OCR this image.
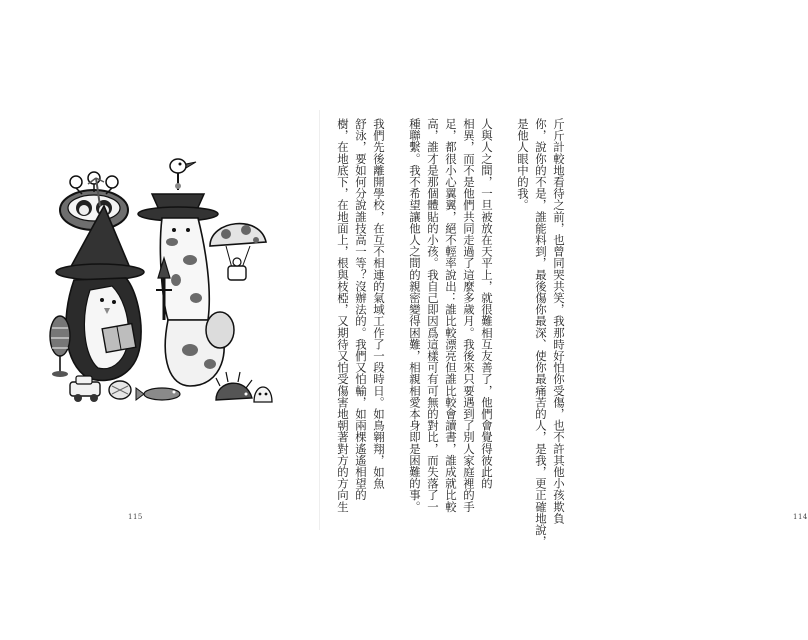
115	斤斤計較地看待之前，也曾同哭共笑，我那時好怕你受傷，也不許其他小孩欺負
你，說你的不是，誰能料到，最後傷你最深、使你最痛苦的人，是我，更正確地說，
是他人眼中的我。
人與人之間，一旦被放在天平上，就很難相互友善了，他們會覺得彼此的
相異，而不是他們共同走過了這麼多歲月。我後來只要遇到了別人家庭裡的手
足，都很小心翼翼，絕不輕率說出：誰比較漂亮但誰比較會讀書，誰成就比較
高，誰才是那個體貼的小孩。我自己即因爲這樣可有可無的對比，而失落了一
種聯繫。我不希望讓他人之間的親密變得困難，相親相愛本身即是困難的事。
我們先後離開學校，在互不相連的氣域工作了一段時日。如鳥翱翔，如魚
舒泳，要如何分說誰技高一等？沒辦法的。我們又怕輸，如兩棵遙遙相望的
樹，在地底下，在地面上，根與枝椏，又期待又怕受傷害地朝著對方的方向生
114
